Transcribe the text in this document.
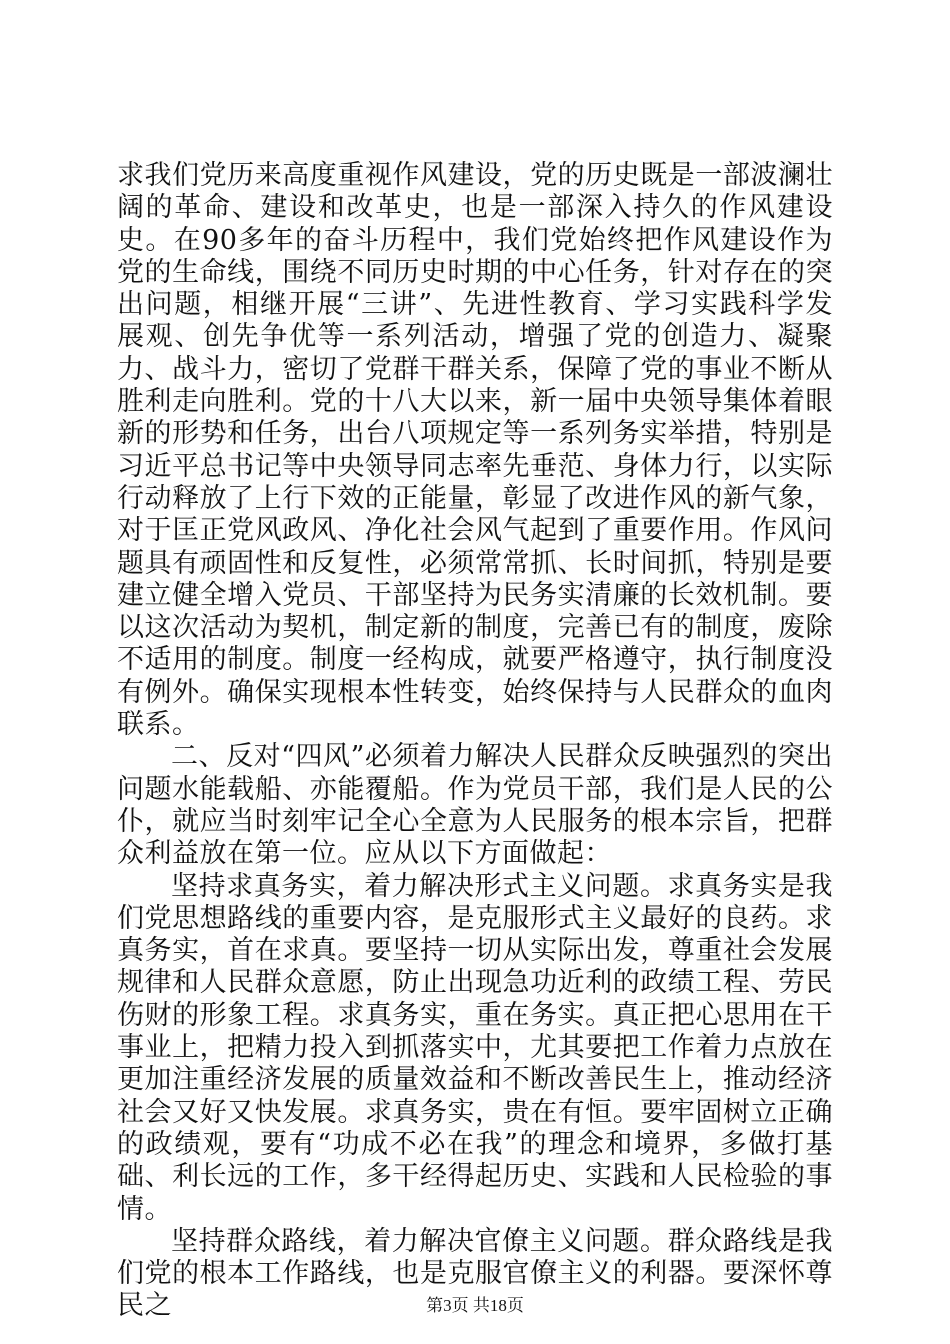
求我们党历来高度重视作风建设，党的历史既是一部波澜壮阔的革命、建设和改革史，也是一部深入持久的作风建设史。在90多年的奋斗历程中，我们党始终把作风建设作为党的生命线，围绕不同历史时期的中心任务，针对存在的突出问题，相继开展“三讲”、先进性教育、学习实践科学发展观、创先争优等一系列活动，增强了党的创造力、凝聚力、战斗力，密切了党群干群关系，保障了党的事业不断从胜利走向胜利。党的十八大以来，新一届中央领导集体着眼新的形势和任务，出台八项规定等一系列务实举措，特别是习近平总书记等中央领导同志率先垂范、身体力行，以实际行动释放了上行下效的正能量，彰显了改进作风的新气象，对于匡正党风政风、净化社会风气起到了重要作用。作风问题具有顽固性和反复性，必须常常抓、长时间抓，特别是要建立健全增入党员、干部坚持为民务实清廉的长效机制。要以这次活动为契机，制定新的制度，完善已有的制度，废除不适用的制度。制度一经构成，就要严格遵守，执行制度没有例外。确保实现根本性转变，始终保持与人民群众的血肉联系。

二、反对“四风”必须着力解决人民群众反映强烈的突出问题水能载船、亦能覆船。作为党员干部，我们是人民的公仆，就应当时刻牢记全心全意为人民服务的根本宗旨，把群众利益放在第一位。应从以下方面做起：

坚持求真务实，着力解决形式主义问题。求真务实是我们党思想路线的重要内容，是克服形式主义最好的良药。求真务实，首在求真。要坚持一切从实际出发，尊重社会发展规律和人民群众意愿，防止出现急功近利的政绩工程、劳民伤财的形象工程。求真务实，重在务实。真正把心思用在干事业上，把精力投入到抓落实中，尤其要把工作着力点放在更加注重经济发展的质量效益和不断改善民生上，推动经济社会又好又快发展。求真务实，贵在有恒。要牢固树立正确的政绩观，要有“功成不必在我”的理念和境界，多做打基础、利长远的工作，多干经得起历史、实践和人民检验的事情。

坚持群众路线，着力解决官僚主义问题。群众路线是我们党的根本工作路线，也是克服官僚主义的利器。要深怀尊民之	第3页 共18页
